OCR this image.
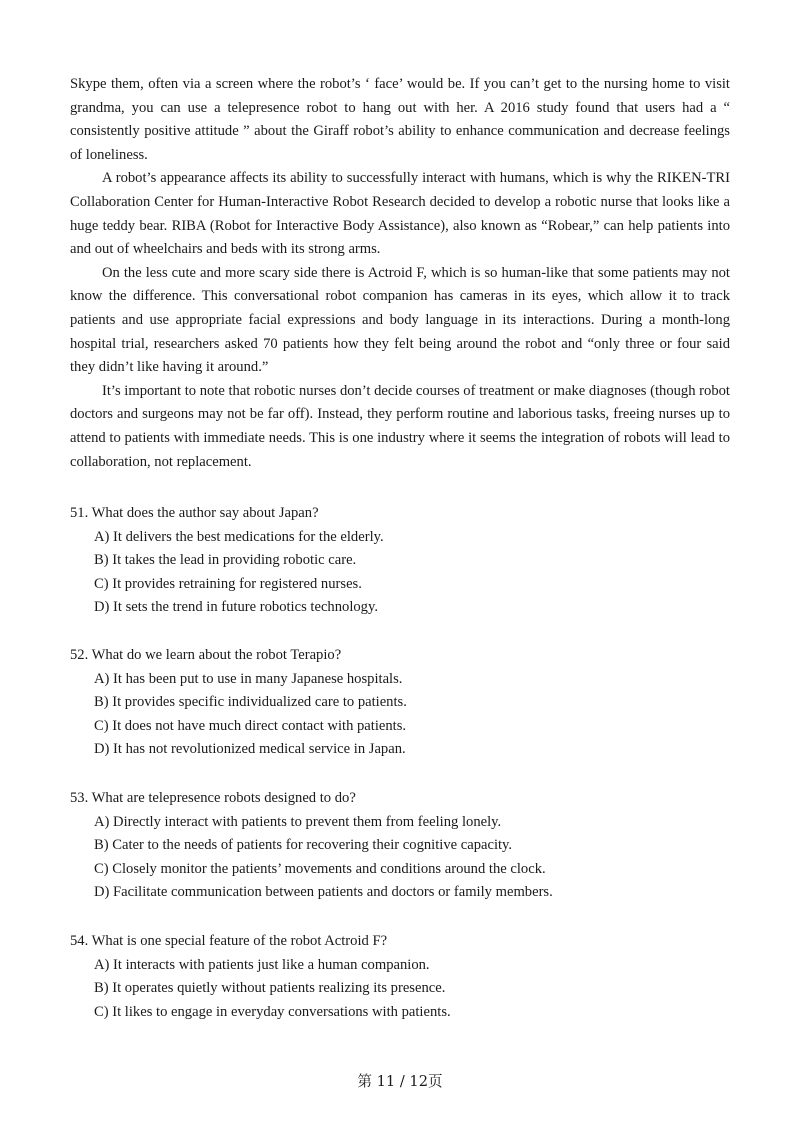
Skype them, often via a screen where the robot’s ‘ face’ would be. If you can’t get to the nursing home to visit grandma, you can use a telepresence robot to hang out with her. A 2016 study found that users had a “ consistently positive attitude ” about the Giraff robot’s ability to enhance communication and decrease feelings of loneliness.

A robot’s appearance affects its ability to successfully interact with humans, which is why the RIKEN-TRI Collaboration Center for Human-Interactive Robot Research decided to develop a robotic nurse that looks like a huge teddy bear. RIBA (Robot for Interactive Body Assistance), also known as “Robear,” can help patients into and out of wheelchairs and beds with its strong arms.

On the less cute and more scary side there is Actroid F, which is so human-like that some patients may not know the difference. This conversational robot companion has cameras in its eyes, which allow it to track patients and use appropriate facial expressions and body language in its interactions. During a month-long hospital trial, researchers asked 70 patients how they felt being around the robot and “only three or four said they didn’t like having it around.”

It’s important to note that robotic nurses don’t decide courses of treatment or make diagnoses (though robot doctors and surgeons may not be far off). Instead, they perform routine and laborious tasks, freeing nurses up to attend to patients with immediate needs. This is one industry where it seems the integration of robots will lead to collaboration, not replacement.

51. What does the author say about Japan?

A) It delivers the best medications for the elderly.

B) It takes the lead in providing robotic care.

C) It provides retraining for registered nurses.

D) It sets the trend in future robotics technology.

52. What do we learn about the robot Terapio?

A) It has been put to use in many Japanese hospitals.

B) It provides specific individualized care to patients.

C) It does not have much direct contact with patients.

D) It has not revolutionized medical service in Japan.

53. What are telepresence robots designed to do?

A) Directly interact with patients to prevent them from feeling lonely.

B) Cater to the needs of patients for recovering their cognitive capacity.

C) Closely monitor the patients’ movements and conditions around the clock.

D) Facilitate communication between patients and doctors or family members.

54. What is one special feature of the robot Actroid F?

A) It interacts with patients just like a human companion.

B) It operates quietly without patients realizing its presence.

C) It likes to engage in everyday conversations with patients.

第 11 / 12页
